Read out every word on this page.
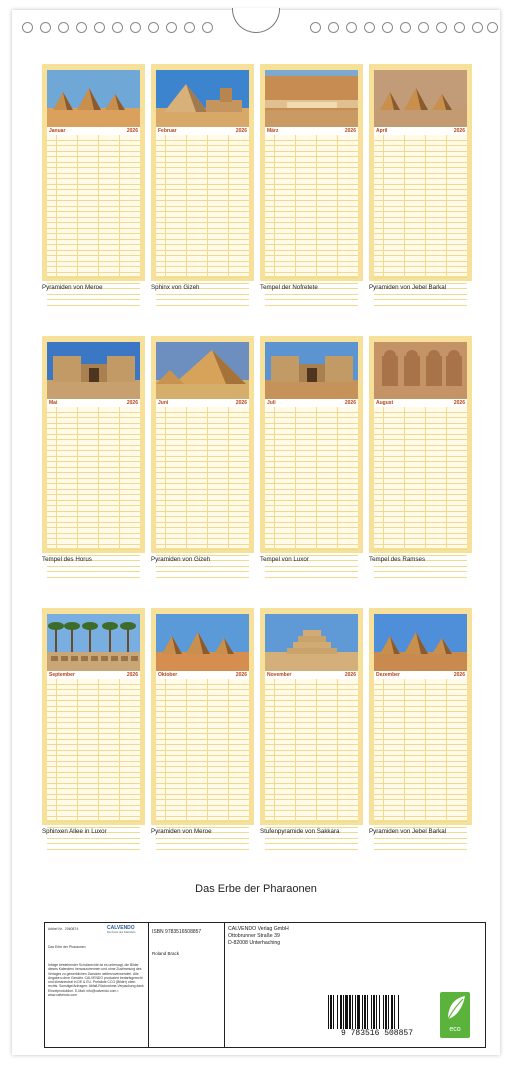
Januar	2026
Pyramiden von Meroe
Februar	2026
Sphinx von Gizeh
März	2026
Tempel der Nofretete
April	2026
Pyramiden von Jebel Barkal
Mai	2026
Tempel des Horus
Juni	2026
Pyramiden von Gizeh
Juli	2026
Tempel von Luxor
August	2026
Tempel des Ramses
September	2026
Sphinxen Allee in Luxor
Oktober	2026
Pyramiden von Meroe
November	2026
Stufenpyramide von Sakkara
Dezember	2026
Pyramiden von Jebel Barkal
Das Erbe der Pharaonen
Artikel Nr. 2060874	CALVENDO
Die Kunst des Kalenders
Das Erbe der Pharaonen
Infolge bestehender Schutzrechte ist es untersagt, die Bilder dieses Kalenders herauszutrennen und ohne Zustimmung des Verlages zu gewerblichen Zwecken weiterzuverwenden. Alle Angaben ohne Gewähr. CALVENDO produziert bedarfsgerecht und klimaneutral in DE & EU. Preisliste CCO (Bilder) oben rechts. Sonstige/Anfragen: Abfall-Rücknahme-Verpackung dank Einzelproduktion. E-Mail: info@calvendo.com • www.calvendo.com
ISBN 9783516508857
Roland Brack
CALVENDO Verlag GmbH
Ottobrunner Straße 39
D-82008 Unterhaching
9 783516 508857	eco
